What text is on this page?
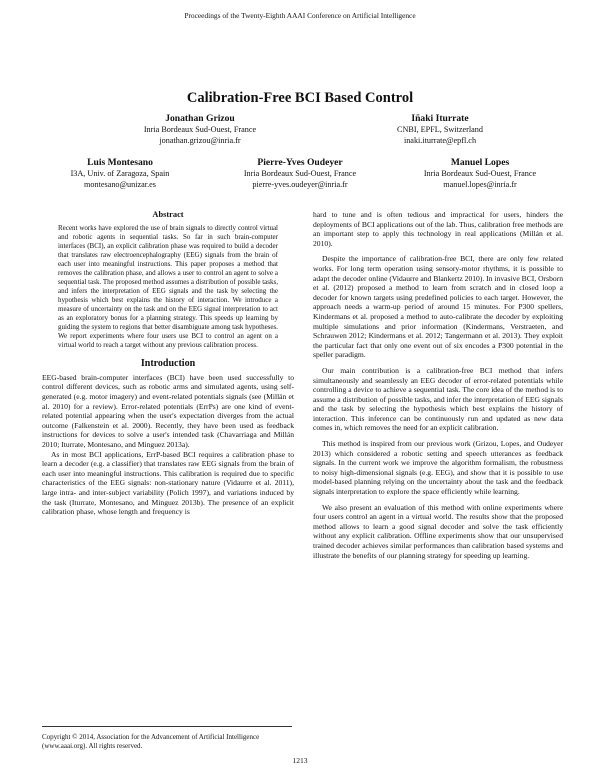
Proceedings of the Twenty-Eighth AAAI Conference on Artificial Intelligence
Calibration-Free BCI Based Control
Jonathan Grizou
Inria Bordeaux Sud-Ouest, France
jonathan.grizou@inria.fr
Iñaki Iturrate
CNBI, EPFL, Switzerland
inaki.iturrate@epfl.ch
Luis Montesano
I3A, Univ. of Zaragoza, Spain
montesano@unizar.es
Pierre-Yves Oudeyer
Inria Bordeaux Sud-Ouest, France
pierre-yves.oudeyer@inria.fr
Manuel Lopes
Inria Bordeaux Sud-Ouest, France
manuel.lopes@inria.fr
Abstract

Recent works have explored the use of brain signals to directly control virtual and robotic agents in sequential tasks. So far in such brain-computer interfaces (BCI), an explicit calibration phase was required to build a decoder that translates raw electroencephalography (EEG) signals from the brain of each user into meaningful instructions. This paper proposes a method that removes the calibration phase, and allows a user to control an agent to solve a sequential task. The proposed method assumes a distribution of possible tasks, and infers the interpretation of EEG signals and the task by selecting the hypothesis which best explains the history of interaction. We introduce a measure of uncertainty on the task and on the EEG signal interpretation to act as an exploratory bonus for a planning strategy. This speeds up learning by guiding the system to regions that better disambiguate among task hypotheses. We report experiments where four users use BCI to control an agent on a virtual world to reach a target without any previous calibration process.

Introduction

EEG-based brain-computer interfaces (BCI) have been used successfully to control different devices, such as robotic arms and simulated agents, using self-generated (e.g. motor imagery) and event-related potentials signals (see (Millán et al. 2010) for a review). Error-related potentials (ErrPs) are one kind of event-related potential appearing when the user's expectation diverges from the actual outcome (Falkenstein et al. 2000). Recently, they have been used as feedback instructions for devices to solve a user's intended task (Chavarriaga and Millán 2010; Iturrate, Montesano, and Minguez 2013a).

As in most BCI applications, ErrP-based BCI requires a calibration phase to learn a decoder (e.g. a classifier) that translates raw EEG signals from the brain of each user into meaningful instructions. This calibration is required due to specific characteristics of the EEG signals: non-stationary nature (Vidaurre et al. 2011), large intra- and inter-subject variability (Polich 1997), and variations induced by the task (Iturrate, Montesano, and Minguez 2013b). The presence of an explicit calibration phase, whose length and frequency is

Copyright © 2014, Association for the Advancement of Artificial Intelligence (www.aaai.org). All rights reserved.

hard to tune and is often tedious and impractical for users, hinders the deployments of BCI applications out of the lab. Thus, calibration free methods are an important step to apply this technology in real applications (Millán et al. 2010).

Despite the importance of calibration-free BCI, there are only few related works. For long term operation using sensory-motor rhythms, it is possible to adapt the decoder online (Vidaurre and Blankertz 2010). In invasive BCI, Orsborn et al. (2012) proposed a method to learn from scratch and in closed loop a decoder for known targets using predefined policies to each target. However, the approach needs a warm-up period of around 15 minutes. For P300 spellers, Kindermans et al. proposed a method to auto-calibrate the decoder by exploiting multiple simulations and prior information (Kindermans, Verstraeten, and Schrauwen 2012; Kindermans et al. 2012; Tangermann et al. 2013). They exploit the particular fact that only one event out of six encodes a P300 potential in the speller paradigm.

Our main contribution is a calibration-free BCI method that infers simultaneously and seamlessly an EEG decoder of error-related potentials while controlling a device to achieve a sequential task. The core idea of the method is to assume a distribution of possible tasks, and infer the interpretation of EEG signals and the task by selecting the hypothesis which best explains the history of interaction. This inference can be continuously run and updated as new data comes in, which removes the need for an explicit calibration.

This method is inspired from our previous work (Grizou, Lopes, and Oudeyer 2013) which considered a robotic setting and speech utterances as feedback signals. In the current work we improve the algorithm formalism, the robustness to noisy high-dimensional signals (e.g. EEG), and show that it is possible to use model-based planning relying on the uncertainty about the task and the feedback signals interpretation to explore the space efficiently while learning.

We also present an evaluation of this method with online experiments where four users control an agent in a virtual world. The results show that the proposed method allows to learn a good signal decoder and solve the task efficiently without any explicit calibration. Offline experiments show that our unsupervised trained decoder achieves similar performances than calibration based systems and illustrate the benefits of our planning strategy for speeding up learning.

1213
